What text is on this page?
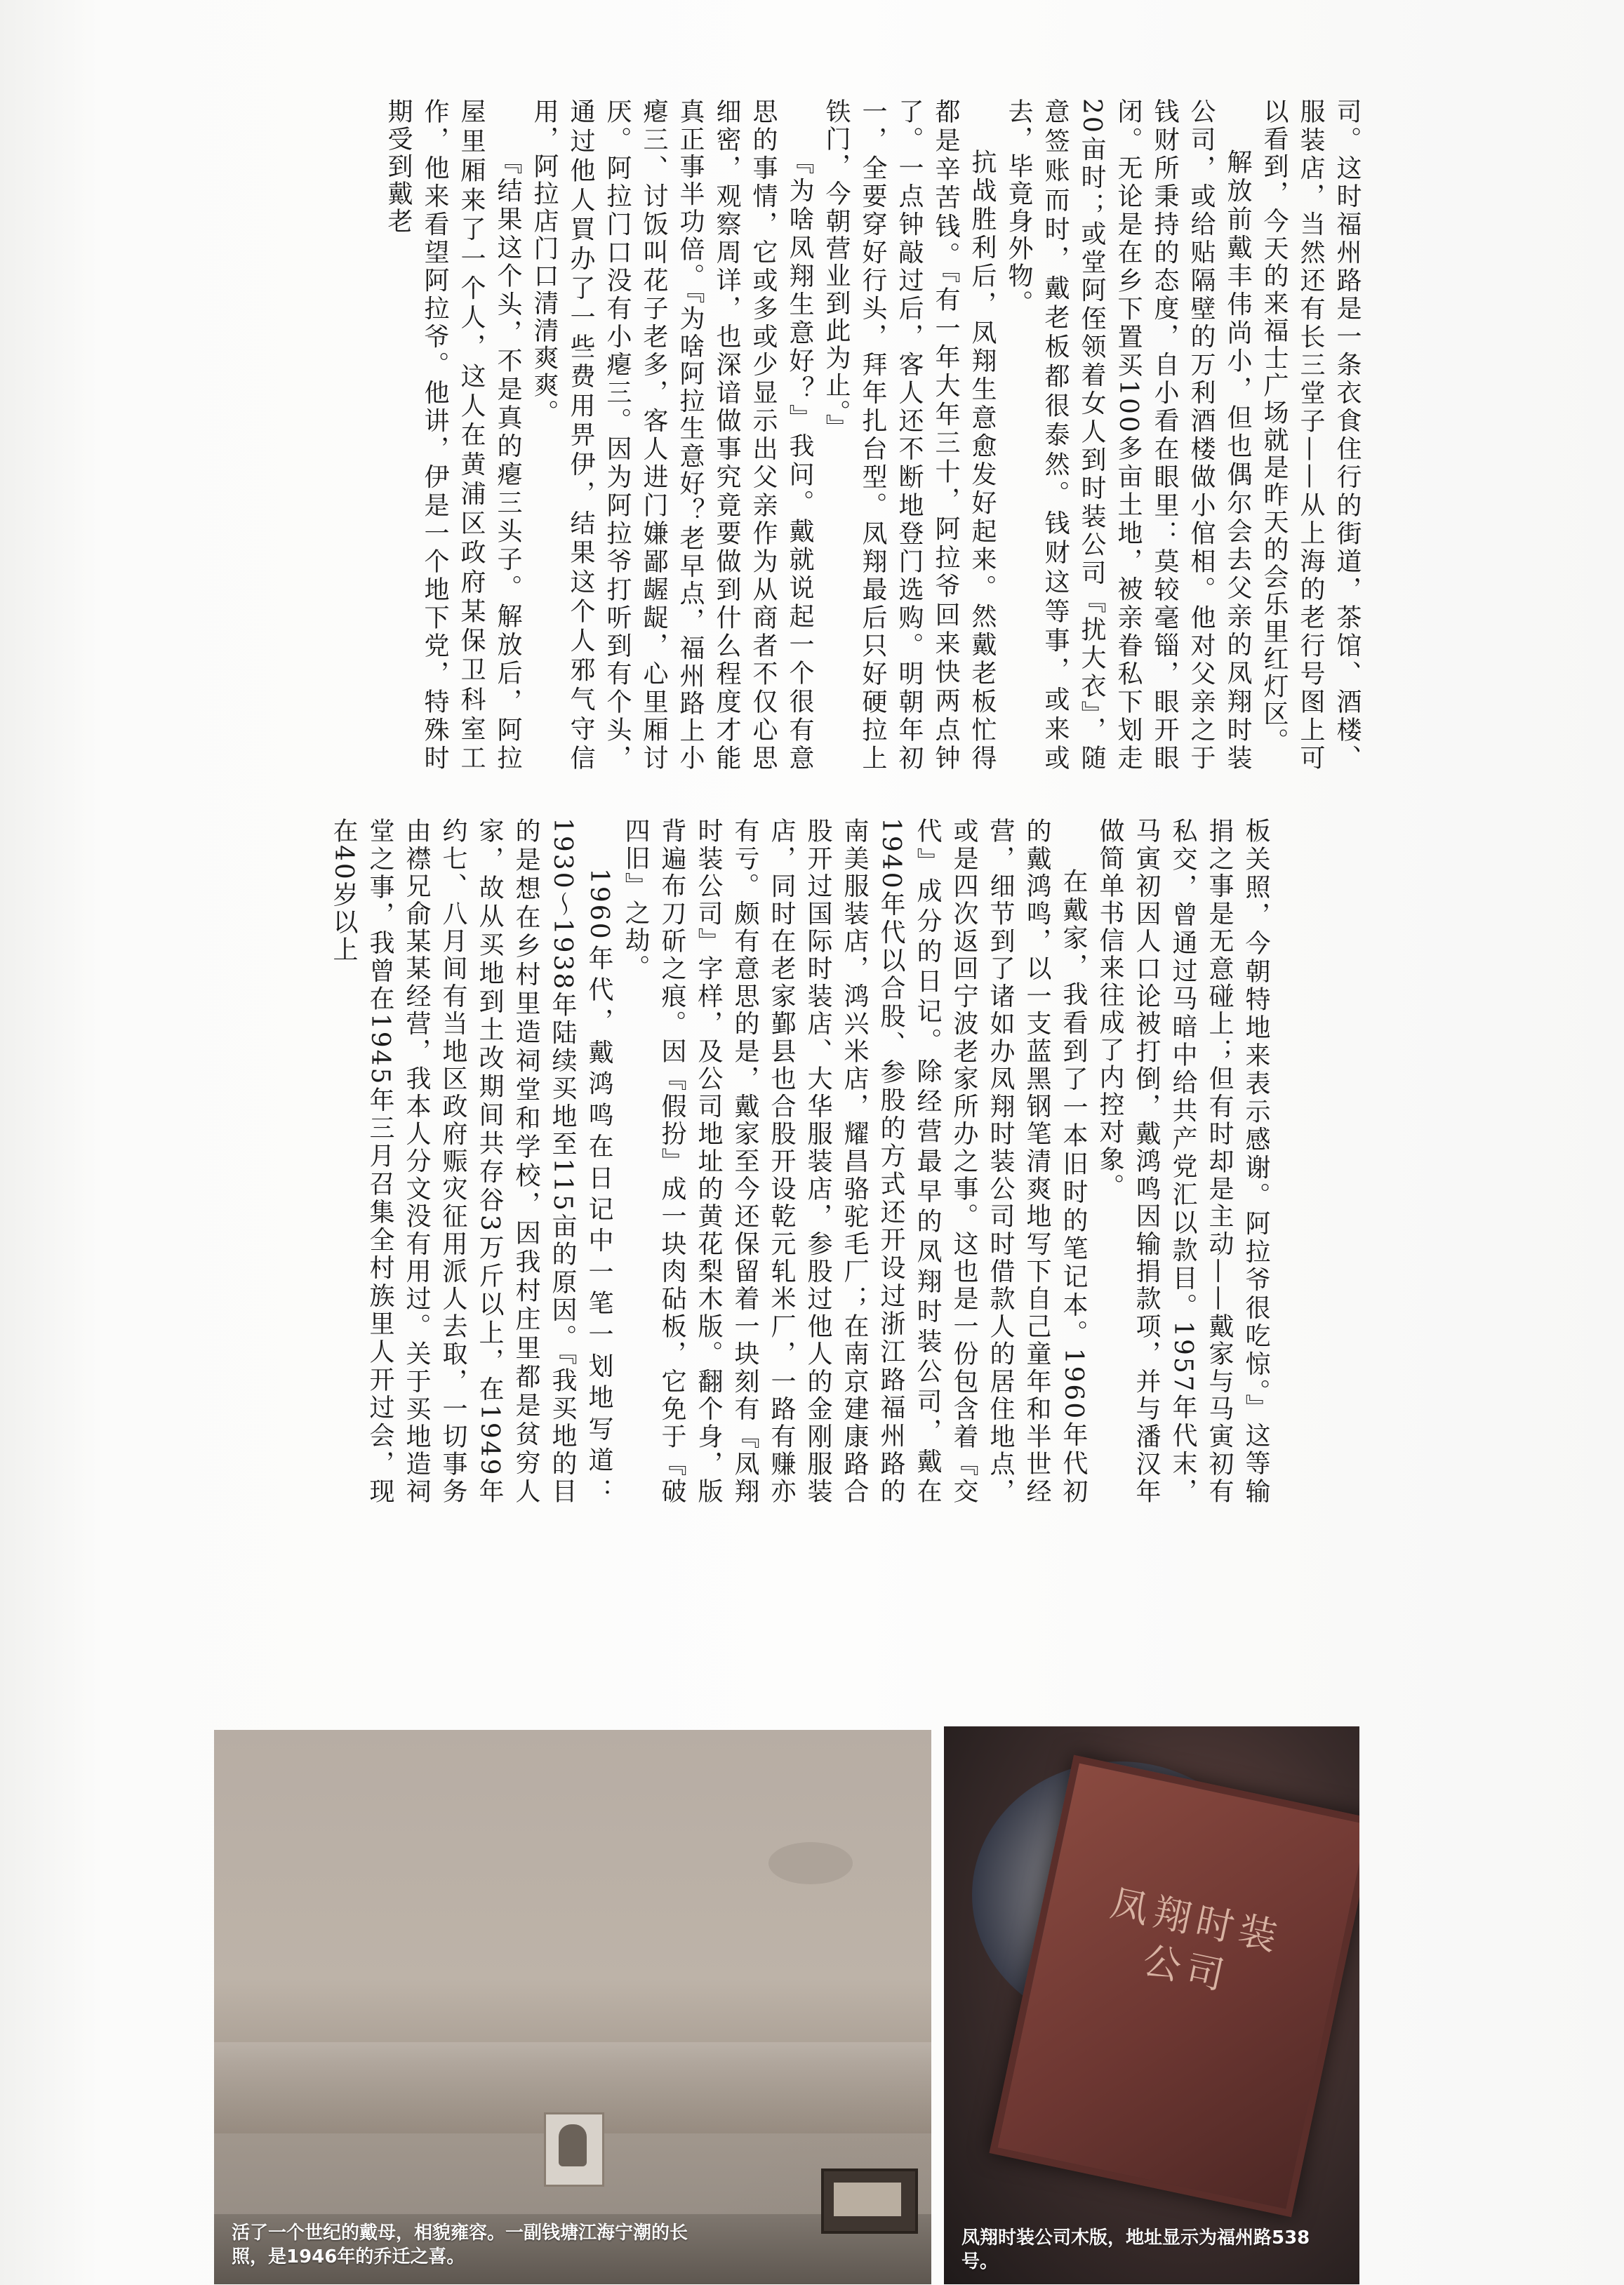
司。这时福州路是一条衣食住行的街道，茶馆、酒楼、服装店，当然还有长三堂子——从上海的老行号图上可以看到，今天的来福士广场就是昨天的会乐里红灯区。

解放前戴丰伟尚小，但也偶尔会去父亲的凤翔时装公司，或给贴隔壁的万利酒楼做小倌相。他对父亲之于钱财所秉持的态度，自小看在眼里：莫较毫锱，眼开眼闭。无论是在乡下置买100多亩土地，被亲眷私下划走20亩时；或堂阿侄领着女人到时装公司『扰大衣』，随意签账而时，戴老板都很泰然。钱财这等事，或来或去，毕竟身外物。

抗战胜利后，凤翔生意愈发好起来。然戴老板忙得都是辛苦钱。『有一年大年三十，阿拉爷回来快两点钟了。一点钟敲过后，客人还不断地登门选购。明朝年初一，全要穿好行头，拜年扎台型。凤翔最后只好硬拉上铁门，今朝营业到此为止。』

『为啥凤翔生意好？』我问。戴就说起一个很有意思的事情，它或多或少显示出父亲作为从商者不仅心思细密，观察周详，也深谙做事究竟要做到什么程度才能真正事半功倍。『为啥阿拉生意好？老早点，福州路上小瘪三、讨饭叫花子老多，客人进门嫌鄙龌龊，心里厢讨厌。阿拉门口没有小瘪三。因为阿拉爷打听到有个头，通过他人買办了一些费用畀伊，结果这个人邪气守信用，阿拉店门口清清爽爽。

『结果这个头，不是真的瘪三头子。解放后，阿拉屋里厢来了一个人，这人在黄浦区政府某保卫科室工作，他来看望阿拉爷。他讲，伊是一个地下党，特殊时期受到戴老

板关照，今朝特地来表示感谢。阿拉爷很吃惊。』这等输捐之事是无意碰上；但有时却是主动——戴家与马寅初有私交，曾通过马暗中给共产党汇以款目。1957年代末，马寅初因人口论被打倒，戴鸿鸣因输捐款项，并与潘汉年做简单书信来往成了内控对象。

在戴家，我看到了一本旧时的笔记本。1960年代初的戴鸿鸣，以一支蓝黑钢笔清爽地写下自己童年和半世经营，细节到了诸如办凤翔时装公司时借款人的居住地点，或是四次返回宁波老家所办之事。这也是一份包含着『交代』成分的日记。除经营最早的凤翔时装公司，戴在1940年代以合股、参股的方式还开设过浙江路福州路的南美服装店，鸿兴米店，耀昌骆驼毛厂；在南京建康路合股开过国际时装店、大华服装店，参股过他人的金刚服装店，同时在老家鄞县也合股开设乾元轧米厂，一路有赚亦有亏。颇有意思的是，戴家至今还保留着一块刻有『凤翔时装公司』字样，及公司地址的黄花梨木版。翻个身，版背遍布刀斫之痕。因『假扮』成一块肉砧板，它免于『破四旧』之劫。

1960年代，戴鸿鸣在日记中一笔一划地写道：1930～1938年陆续买地至115亩的原因。『我买地的目的是想在乡村里造祠堂和学校，因我村庄里都是贫穷人家，故从买地到土改期间共存谷3万斤以上，在1949年约七、八月间有当地区政府赈灾征用派人去取，一切事务由襟兄俞某某经营，我本人分文没有用过。关于买地造祠堂之事，我曾在1945年三月召集全村族里人开过会，现在40岁以上

活了一个世纪的戴母，相貌雍容。一副钱塘江海宁潮的长照，是1946年的乔迁之喜。
凤翔时装公司
凤翔时装公司木版，地址显示为福州路538号。
